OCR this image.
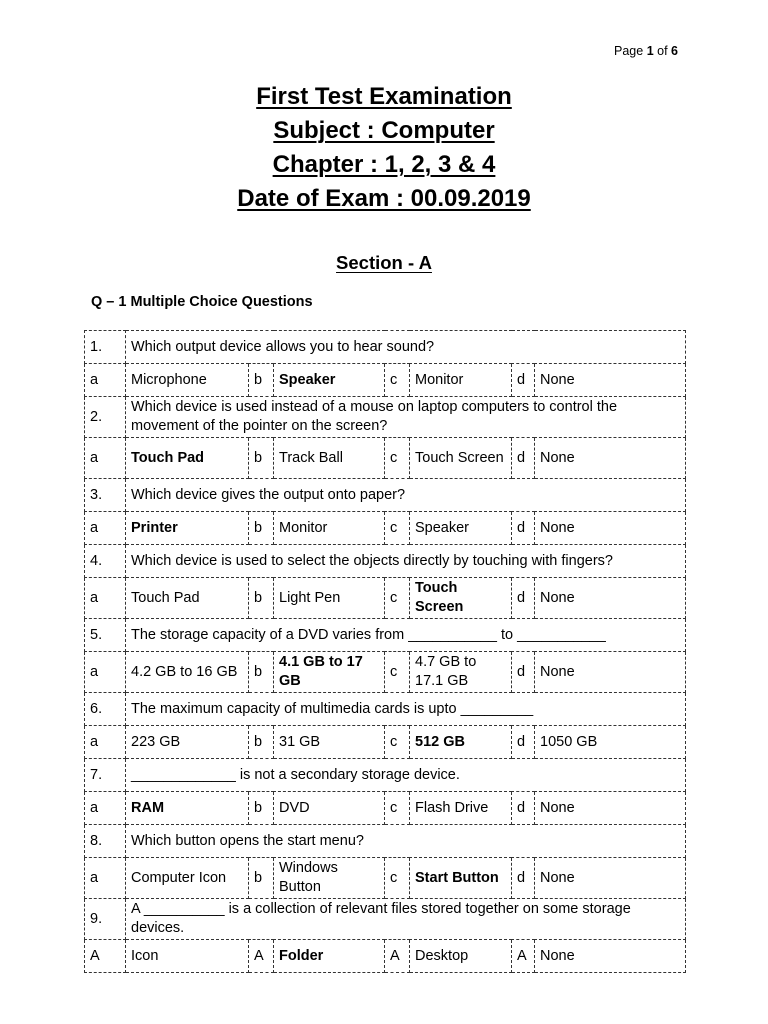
Page 1 of 6
First Test Examination
Subject : Computer
Chapter : 1, 2, 3 & 4
Date of Exam : 00.09.2019
Section - A
Q – 1 Multiple Choice Questions
1.	Which output device allows you to hear sound?						
a	Microphone	b	Speaker	c	Monitor	d	None
2.	Which device is used instead of a mouse on laptop computers to control the movement of the pointer on the screen?						
a	Touch Pad	b	Track Ball	c	Touch Screen	d	None
3.	Which device gives the output onto paper?						
a	Printer	b	Monitor	c	Speaker	d	None
4.	Which device is used to select the objects directly by touching with fingers?						
a	Touch Pad	b	Light Pen	c	Touch Screen	d	None
5.	The storage capacity of a DVD varies from ___________ to ___________						
a	4.2 GB to 16 GB	b	4.1 GB to 17 GB	c	4.7 GB to 17.1 GB	d	None
6.	The maximum capacity of multimedia cards is upto _________						
a	223 GB	b	31 GB	c	512 GB	d	1050 GB
7.	_____________ is not a secondary storage device.						
a	RAM	b	DVD	c	Flash Drive	d	None
8.	Which button opens the start menu?						
a	Computer Icon	b	Windows Button	c	Start Button	d	None
9.	A __________ is a collection of relevant files stored together on some storage devices.						
A	Icon	A	Folder	A	Desktop	A	None
